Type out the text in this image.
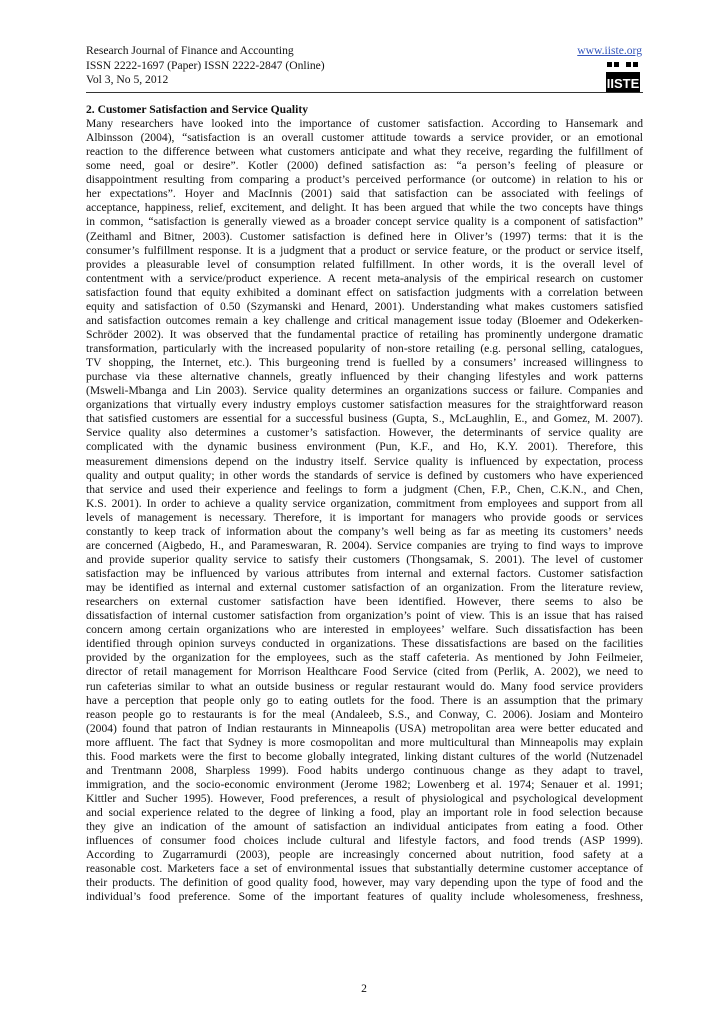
Research Journal of Finance and Accounting
ISSN 2222-1697 (Paper) ISSN 2222-2847 (Online)
Vol 3, No 5, 2012
www.iiste.org
IISTE
2. Customer Satisfaction and Service Quality
Many researchers have looked into the importance of customer satisfaction. According to Hansemark and
Albinsson (2004), “satisfaction is an overall customer attitude towards a service provider, or an emotional
reaction to the difference between what customers anticipate and what they receive, regarding the fulfillment of
some need, goal or desire”. Kotler (2000) defined satisfaction as: “a person’s feeling of pleasure or
disappointment resulting from comparing a product’s perceived performance (or outcome) in relation to his or
her expectations”. Hoyer and MacInnis (2001) said that satisfaction can be associated with feelings of
acceptance, happiness, relief, excitement, and delight. It has been argued that while the two concepts have things
in common, “satisfaction is generally viewed as a broader concept service quality is a component of satisfaction”
(Zeithaml and Bitner, 2003). Customer satisfaction is defined here in Oliver’s (1997) terms: that it is the
consumer’s fulfillment response. It is a judgment that a product or service feature, or the product or service itself,
provides a pleasurable level of consumption related fulfillment. In other words, it is the overall level of
contentment with a service/product experience. A recent meta-analysis of the empirical research on customer
satisfaction found that equity exhibited a dominant effect on satisfaction judgments with a correlation between
equity and satisfaction of 0.50 (Szymanski and Henard, 2001). Understanding what makes customers satisfied
and satisfaction outcomes remain a key challenge and critical management issue today (Bloemer and Odekerken-
Schröder 2002). It was observed that the fundamental practice of retailing has prominently undergone dramatic
transformation, particularly with the increased popularity of non-store retailing (e.g. personal selling, catalogues,
TV shopping, the Internet, etc.). This burgeoning trend is fuelled by a consumers’ increased willingness to
purchase via these alternative channels, greatly influenced by their changing lifestyles and work patterns
(Msweli-Mbanga and Lin 2003). Service quality determines an organizations success or failure. Companies and
organizations that virtually every industry employs customer satisfaction measures for the straightforward reason
that satisfied customers are essential for a successful business (Gupta, S., McLaughlin, E., and Gomez, M. 2007).
Service quality also determines a customer’s satisfaction. However, the determinants of service quality are
complicated with the dynamic business environment (Pun, K.F., and Ho, K.Y. 2001). Therefore, this
measurement dimensions depend on the industry itself. Service quality is influenced by expectation, process
quality and output quality; in other words the standards of service is defined by customers who have experienced
that service and used their experience and feelings to form a judgment (Chen, F.P., Chen, C.K.N., and Chen,
K.S. 2001). In order to achieve a quality service organization, commitment from employees and support from all
levels of management is necessary. Therefore, it is important for managers who provide goods or services
constantly to keep track of information about the company’s well being as far as meeting its customers’ needs
are concerned (Aigbedo, H., and Parameswaran, R. 2004). Service companies are trying to find ways to improve
and provide superior quality service to satisfy their customers (Thongsamak, S. 2001). The level of customer
satisfaction may be influenced by various attributes from internal and external factors. Customer satisfaction
may be identified as internal and external customer satisfaction of an organization. From the literature review,
researchers on external customer satisfaction have been identified. However, there seems to also be
dissatisfaction of internal customer satisfaction from organization’s point of view. This is an issue that has raised
concern among certain organizations who are interested in employees’ welfare. Such dissatisfaction has been
identified through opinion surveys conducted in organizations. These dissatisfactions are based on the facilities
provided by the organization for the employees, such as the staff cafeteria. As mentioned by John Feilmeier,
director of retail management for Morrison Healthcare Food Service (cited from (Perlik, A. 2002), we need to
run cafeterias similar to what an outside business or regular restaurant would do. Many food service providers
have a perception that people only go to eating outlets for the food. There is an assumption that the primary
reason people go to restaurants is for the meal (Andaleeb, S.S., and Conway, C. 2006). Josiam and Monteiro
(2004) found that patron of Indian restaurants in Minneapolis (USA) metropolitan area were better educated and
more affluent. The fact that Sydney is more cosmopolitan and more multicultural than Minneapolis may explain
this. Food markets were the first to become globally integrated, linking distant cultures of the world (Nutzenadel
and Trentmann 2008, Sharpless 1999). Food habits undergo continuous change as they adapt to travel,
immigration, and the socio-economic environment (Jerome 1982; Lowenberg et al. 1974; Senauer et al. 1991;
Kittler and Sucher 1995). However, Food preferences, a result of physiological and psychological development
and social experience related to the degree of linking a food, play an important role in food selection because
they give an indication of the amount of satisfaction an individual anticipates from eating a food. Other
influences of consumer food choices include cultural and lifestyle factors, and food trends (ASP 1999).
According to Zugarramurdi (2003), people are increasingly concerned about nutrition, food safety at a
reasonable cost. Marketers face a set of environmental issues that substantially determine customer acceptance of
their products. The definition of good quality food, however, may vary depending upon the type of food and the
individual’s food preference. Some of the important features of quality include wholesomeness, freshness,
2
